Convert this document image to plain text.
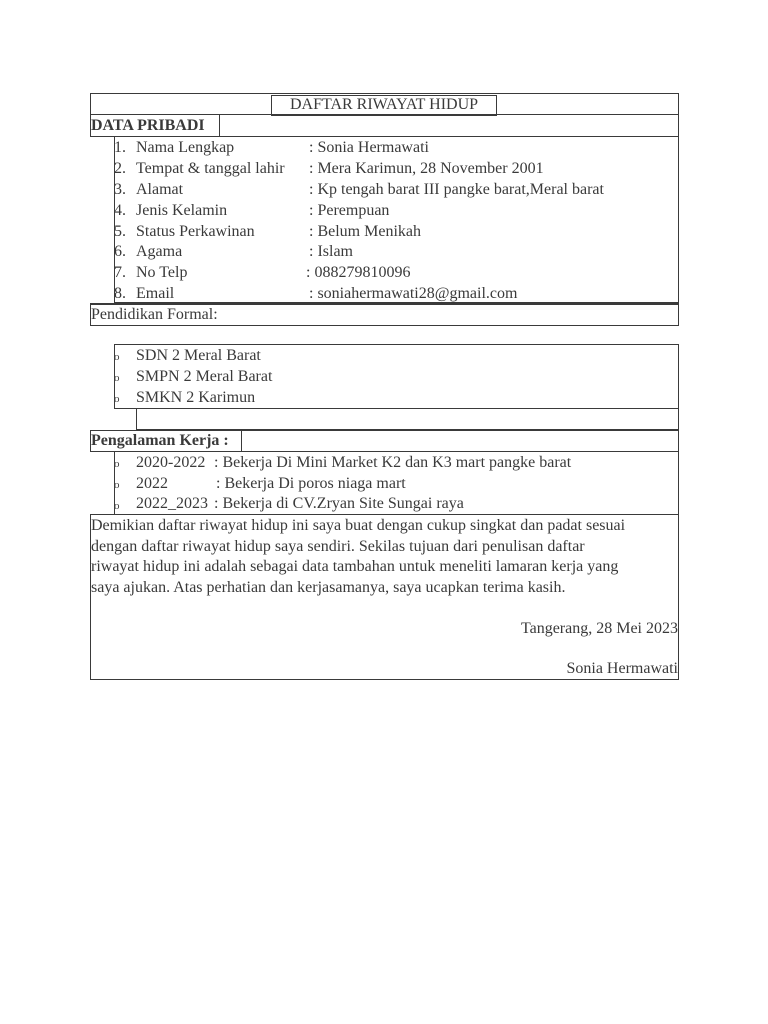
DAFTAR RIWAYAT HIDUP
DATA PRIBADI
1. Nama Lengkap	: Sonia Hermawati
2. Tempat & tanggal lahir : Mera Karimun, 28 November 2001
3. Alamat	: Kp tengah barat III pangke barat,Meral barat
4. Jenis Kelamin	: Perempuan
5. Status Perkawinan	: Belum Menikah
6. Agama	: Islam
7. No Telp	: 088279810096
8. Email	: soniahermawati28@gmail.com
Pendidikan Formal:
o SDN 2 Meral Barat
o SMPN 2 Meral Barat
o SMKN 2 Karimun
Pengalaman Kerja :
o 2020-2022 : Bekerja Di Mini Market K2 dan K3 mart pangke barat
o 2022	: Bekerja Di poros niaga mart
o 2022_2023 : Bekerja di CV.Zryan Site Sungai raya
Demikian daftar riwayat hidup ini saya buat dengan cukup singkat dan padat sesuai
dengan daftar riwayat hidup saya sendiri. Sekilas tujuan dari penulisan daftar
riwayat hidup ini adalah sebagai data tambahan untuk meneliti lamaran kerja yang
saya ajukan. Atas perhatian dan kerjasamanya, saya ucapkan terima kasih.
Tangerang, 28 Mei 2023
Sonia Hermawati
